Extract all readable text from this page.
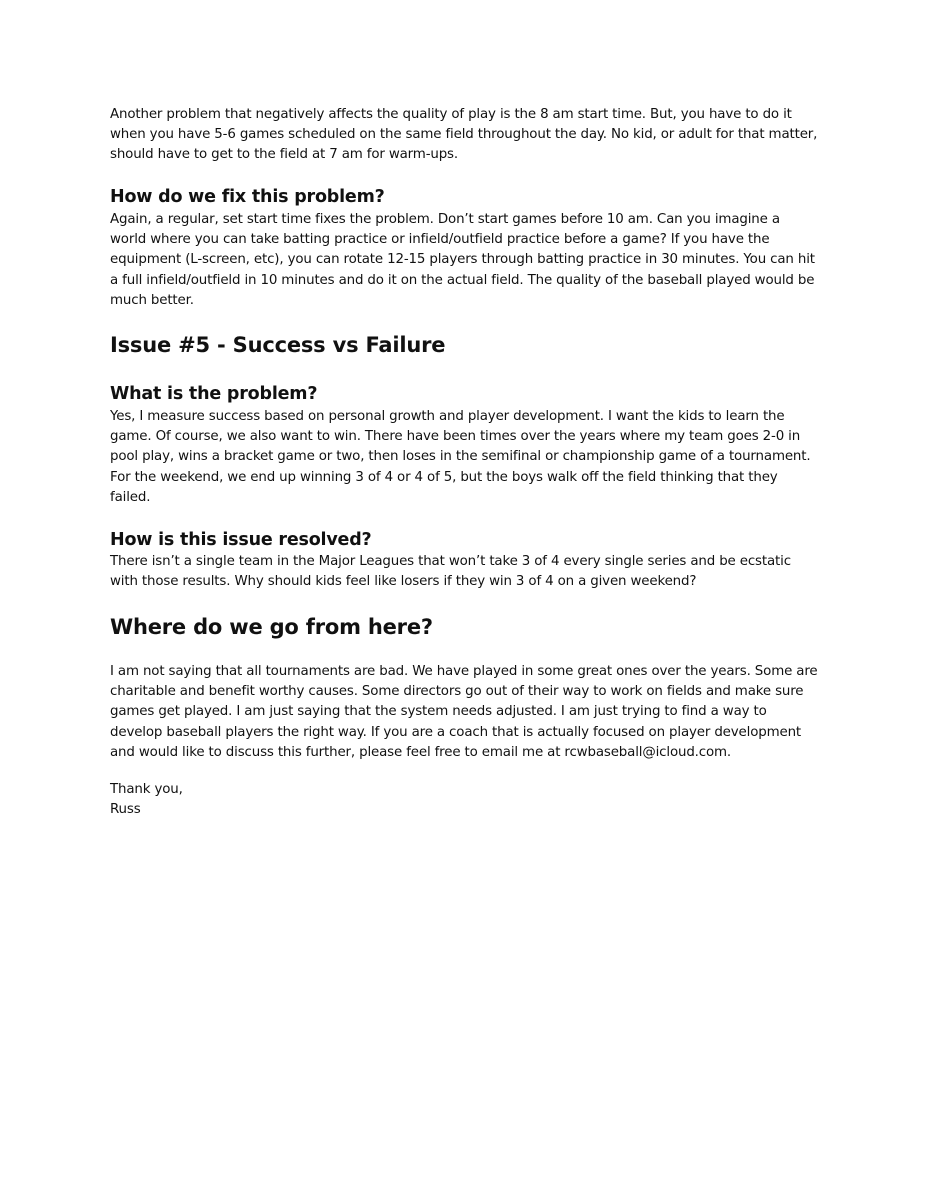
Another problem that negatively affects the quality of play is the 8 am start time. But, you have to do it when you have 5-6 games scheduled on the same field throughout the day. No kid, or adult for that matter, should have to get to the field at 7 am for warm-ups.

How do we fix this problem?

Again, a regular, set start time fixes the problem. Don’t start games before 10 am. Can you imagine a world where you can take batting practice or infield/outfield practice before a game? If you have the equipment (L-screen, etc), you can rotate 12-15 players through batting practice in 30 minutes. You can hit a full infield/outfield in 10 minutes and do it on the actual field. The quality of the baseball played would be much better.

Issue #5 - Success vs Failure
What is the problem?

Yes, I measure success based on personal growth and player development. I want the kids to learn the game. Of course, we also want to win. There have been times over the years where my team goes 2-0 in pool play, wins a bracket game or two, then loses in the semifinal or championship game of a tournament. For the weekend, we end up winning 3 of 4 or 4 of 5, but the boys walk off the field thinking that they failed.

How is this issue resolved?

There isn’t a single team in the Major Leagues that won’t take 3 of 4 every single series and be ecstatic with those results. Why should kids feel like losers if they win 3 of 4 on a given weekend?

Where do we go from here?

I am not saying that all tournaments are bad. We have played in some great ones over the years. Some are charitable and benefit worthy causes. Some directors go out of their way to work on fields and make sure games get played. I am just saying that the system needs adjusted. I am just trying to find a way to develop baseball players the right way. If you are a coach that is actually focused on player development and would like to discuss this further, please feel free to email me at rcwbaseball@icloud.com.

Thank you,

Russ
